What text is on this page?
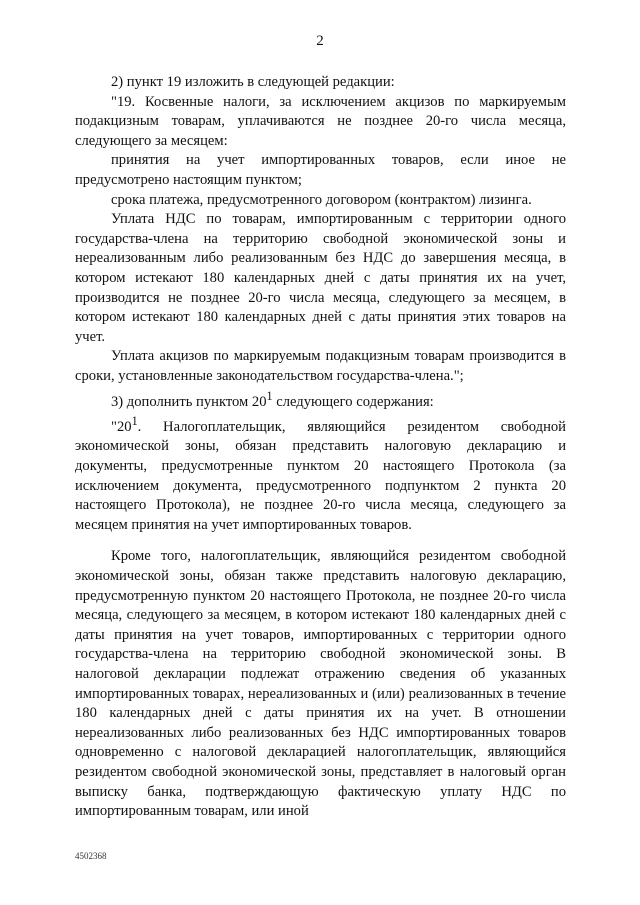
2

2) пункт 19 изложить в следующей редакции:

"19. Косвенные налоги, за исключением акцизов по маркируемым подакцизным товарам, уплачиваются не позднее 20-го числа месяца, следующего за месяцем:

принятия на учет импортированных товаров, если иное не предусмотрено настоящим пунктом;

срока платежа, предусмотренного договором (контрактом) лизинга.

Уплата НДС по товарам, импортированным с территории одного государства-члена на территорию свободной экономической зоны и нереализованным либо реализованным без НДС до завершения месяца, в котором истекают 180 календарных дней с даты принятия их на учет, производится не позднее 20-го числа месяца, следующего за месяцем, в котором истекают 180 календарных дней с даты принятия этих товаров на учет.

Уплата акцизов по маркируемым подакцизным товарам производится в сроки, установленные законодательством государства-члена.";

3) дополнить пунктом $20^1$ следующего содержания:

"$20^1$. Налогоплательщик, являющийся резидентом свободной экономической зоны, обязан представить налоговую декларацию и документы, предусмотренные пунктом 20 настоящего Протокола (за исключением документа, предусмотренного подпунктом 2 пункта 20 настоящего Протокола), не позднее 20-го числа месяца, следующего за месяцем принятия на учет импортированных товаров.

Кроме того, налогоплательщик, являющийся резидентом свободной экономической зоны, обязан также представить налоговую декларацию, предусмотренную пунктом 20 настоящего Протокола, не позднее 20-го числа месяца, следующего за месяцем, в котором истекают 180 календарных дней с даты принятия на учет товаров, импортированных с территории одного государства-члена на территорию свободной экономической зоны. В налоговой декларации подлежат отражению сведения об указанных импортированных товарах, нереализованных и (или) реализованных в течение 180 календарных дней с даты принятия их на учет. В отношении нереализованных либо реализованных без НДС импортированных товаров одновременно с налоговой декларацией налогоплательщик, являющийся резидентом свободной экономической зоны, представляет в налоговый орган выписку банка, подтверждающую фактическую уплату НДС по импортированным товарам, или иной

4502368
